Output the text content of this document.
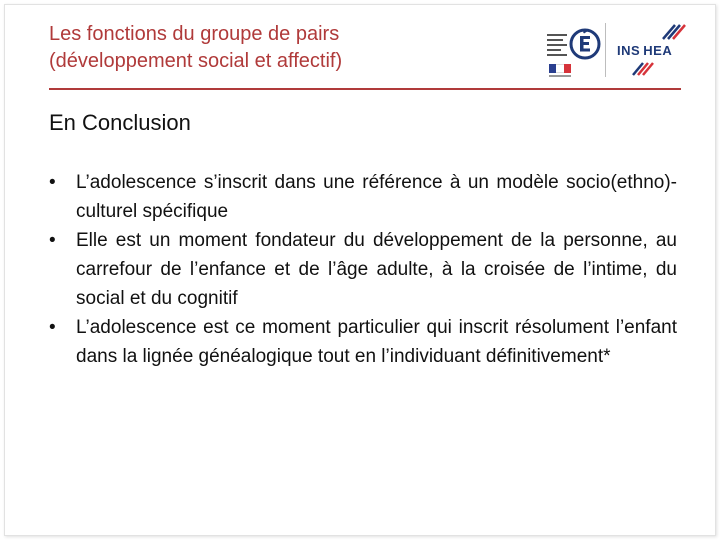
Les fonctions du groupe de pairs
(développement social et affectif)	INS HEA
En Conclusion
• L’adolescence s’inscrit dans une référence à un modèle socio(ethno)-culturel spécifique
• Elle est un moment fondateur du développement de la personne, au carrefour de l’enfance et de l’âge adulte, à la croisée de l’intime, du social et du cognitif
• L’adolescence est ce moment particulier qui inscrit résolument l’enfant dans la lignée généalogique tout en l’individuant définitivement*
